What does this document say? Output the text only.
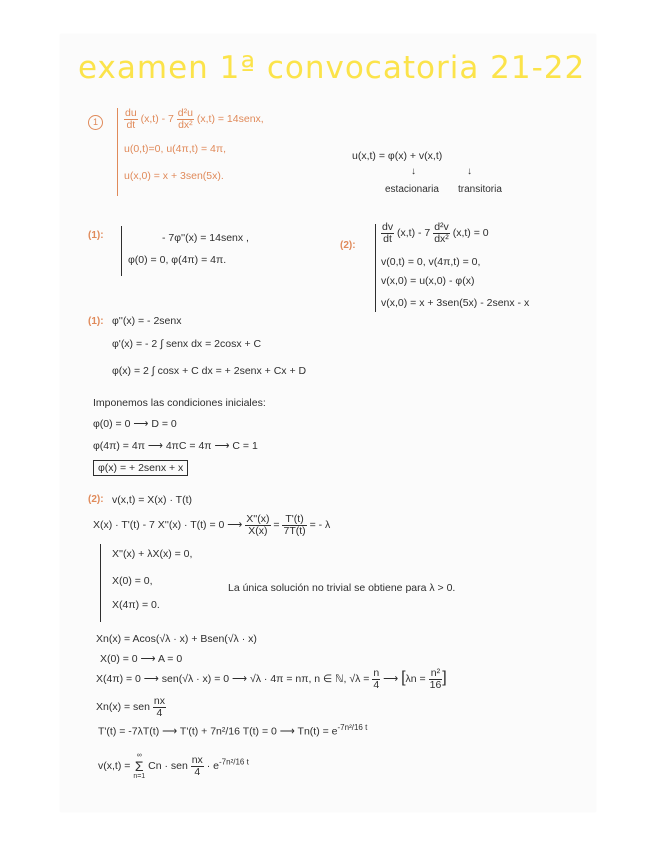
examen 1ª convocatoria 21-22
1	$\frac{du}{dt} (x,t) - 7 \frac{\text{d²u}}{\text{dx²}} (x,t)$ = 14senx,
u(0,t)=0, u(4π,t) = 4π,
u(x,0) = x + 3sen(5x).
u(x,t) = φ(x) + v(x,t)
↓	↓
estacionaria transitoria
(1):	- 7φ''(x) = 14senx ,
φ(0) = 0, φ(4π) = 4π.
(2):
$\frac{dv}{dt} (x,t) - 7 \frac{\text{d²v}}{\text{dx²}} (x,t) = 0$
v(0,t) = 0, v(4π,t) = 0,
v(x,0) = u(x,0) - φ(x)
v(x,0) = x + 3sen(5x) - 2senx - x
(1): φ''(x) = - 2senx
φ'(x) = - 2 ∫ senx dx = 2cosx + C
φ(x) = 2 ∫ cosx + C dx = + 2senx + Cx + D
Imponemos las condiciones iniciales:
φ(0) = 0 ⟶ D = 0
φ(4π) = 4π ⟶ 4πC = 4π ⟶ C = 1
φ(x) = + 2senx + x
(2): v(x,t) = X(x) · T(t)
X(x) · T'(t) - 7 X''(x) · T(t) = 0 ⟶ $\frac{X''(x)}{X(x)} = \frac{T'(t)}{7T(t)}$ = - λ
X''(x) + λX(x) = 0,
X(0) = 0,
X(4π) = 0.
La única solución no trivial se obtiene para λ > 0.
Xn(x) = Acos(√λ · x) + Bsen(√λ · x)
X(0) = 0 ⟶ A = 0
X(4π) = 0 ⟶ sen(√λ · x) = 0 ⟶ √λ · 4π = nπ, n ∈ ℕ, $√\lambda = \frac{n}{4}$ ⟶ [$\lambda n = \frac{\text{n²}}{16}$ ]
Xn(x) = sen $\frac{nx}{4}$
T'(t) = -7λT(t) ⟶ T'(t) + 7n²/16 T(t) = 0 ⟶ $Tn(t) = e^{-7n^2/16 t}$
v(x,t) =
∞
Σ
n=1
Cn · sen $\frac{nx}{4} \cdot e^{-7n^2/16 t}$
